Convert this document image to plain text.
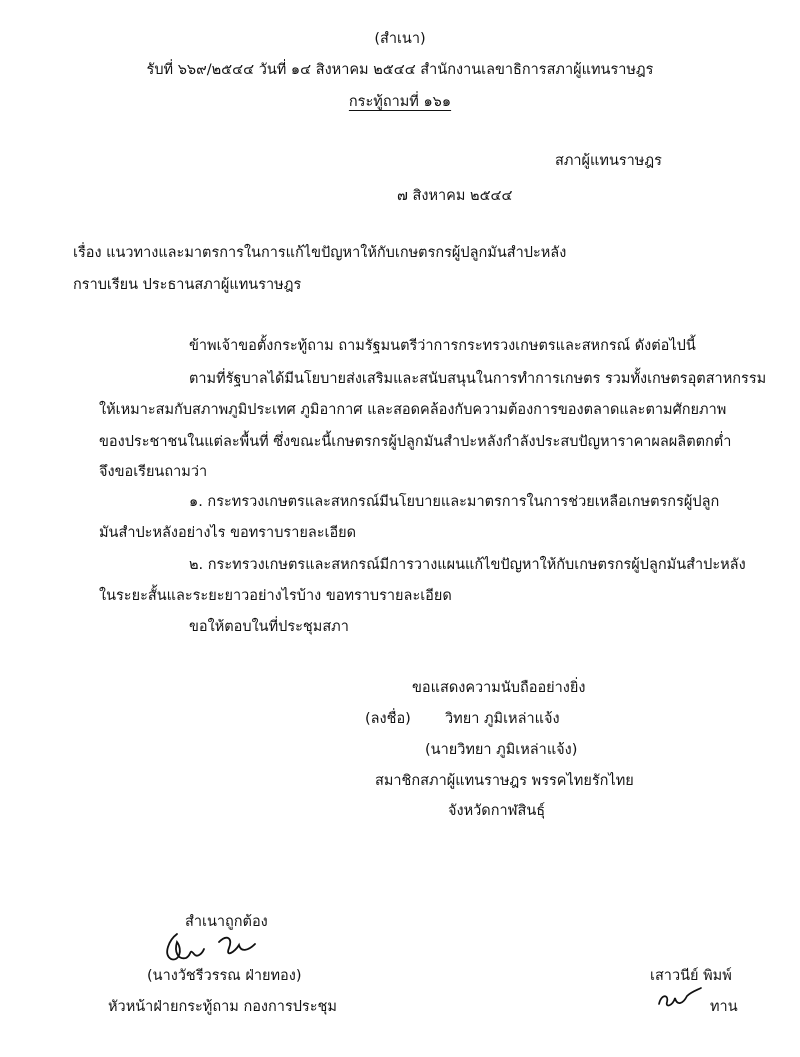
(สำเนา)
รับที่ ๖๖๙/๒๕๔๔ วันที่ ๑๔ สิงหาคม ๒๕๔๔ สำนักงานเลขาธิการสภาผู้แทนราษฎร
กระทู้ถามที่ ๑๖๑
สภาผู้แทนราษฎร
๗ สิงหาคม ๒๕๔๔
เรื่อง แนวทางและมาตรการในการแก้ไขปัญหาให้กับเกษตรกรผู้ปลูกมันสำปะหลัง
กราบเรียน ประธานสภาผู้แทนราษฎร
ข้าพเจ้าขอตั้งกระทู้ถาม ถามรัฐมนตรีว่าการกระทรวงเกษตรและสหกรณ์ ดังต่อไปนี้
ตามที่รัฐบาลได้มีนโยบายส่งเสริมและสนับสนุนในการทำการเกษตร รวมทั้งเกษตรอุตสาหกรรม
ให้เหมาะสมกับสภาพภูมิประเทศ ภูมิอากาศ และสอดคล้องกับความต้องการของตลาดและตามศักยภาพ
ของประชาชนในแต่ละพื้นที่ ซึ่งขณะนี้เกษตรกรผู้ปลูกมันสำปะหลังกำลังประสบปัญหาราคาผลผลิตตกต่ำ
จึงขอเรียนถามว่า
๑. กระทรวงเกษตรและสหกรณ์มีนโยบายและมาตรการในการช่วยเหลือเกษตรกรผู้ปลูก
มันสำปะหลังอย่างไร ขอทราบรายละเอียด
๒. กระทรวงเกษตรและสหกรณ์มีการวางแผนแก้ไขปัญหาให้กับเกษตรกรผู้ปลูกมันสำปะหลัง
ในระยะสั้นและระยะยาวอย่างไรบ้าง ขอทราบรายละเอียด
ขอให้ตอบในที่ประชุมสภา
ขอแสดงความนับถืออย่างยิ่ง
(ลงชื่อ) วิทยา ภูมิเหล่าแจ้ง
(นายวิทยา ภูมิเหล่าแจ้ง)
สมาชิกสภาผู้แทนราษฎร พรรคไทยรักไทย
จังหวัดกาฬสินธุ์
สำเนาถูกต้อง
(นางวัชรีวรรณ ฝ่ายทอง)
หัวหน้าฝ่ายกระทู้ถาม กองการประชุม
เสาวนีย์ พิมพ์
ทาน
